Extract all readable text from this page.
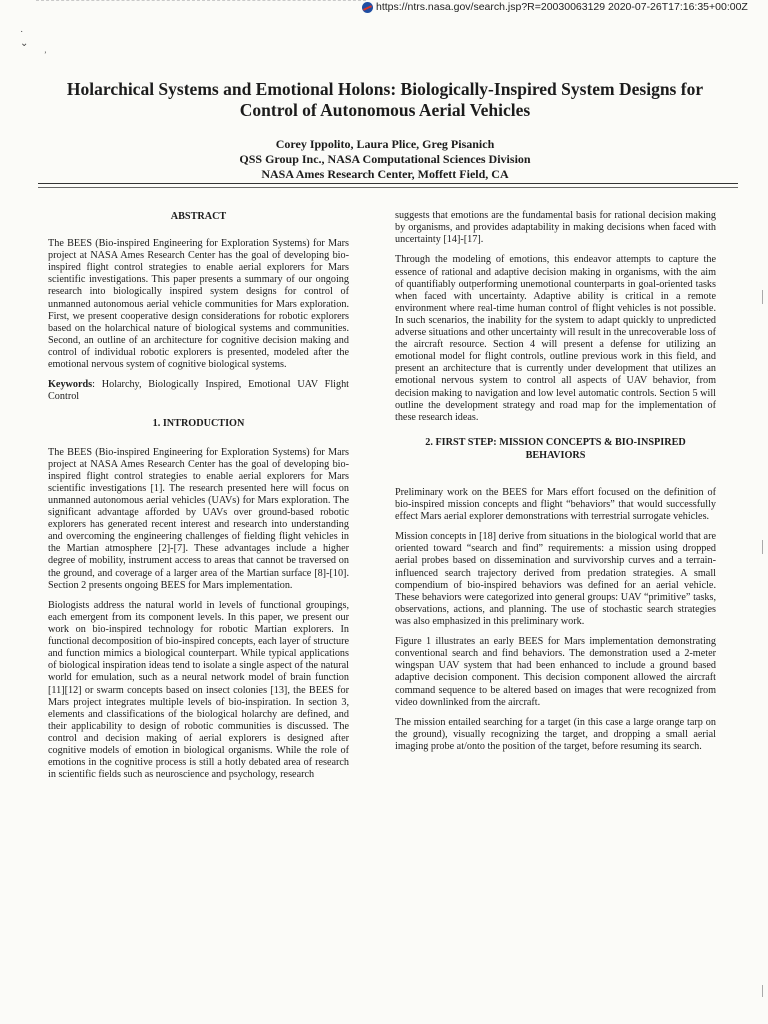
https://ntrs.nasa.gov/search.jsp?R=20030063129 2020-07-26T17:16:35+00:00Z
˙
⌄
’
Holarchical Systems and Emotional Holons: Biologically-Inspired System Designs for Control of Autonomous Aerial Vehicles
Corey Ippolito, Laura Plice, Greg Pisanich
QSS Group Inc., NASA Computational Sciences Division
NASA Ames Research Center, Moffett Field, CA
ABSTRACT

The BEES (Bio-inspired Engineering for Exploration Systems) for Mars project at NASA Ames Research Center has the goal of developing bio-inspired flight control strategies to enable aerial explorers for Mars scientific investigations. This paper presents a summary of our ongoing research into biologically inspired system designs for control of unmanned autonomous aerial vehicle communities for Mars exploration. First, we present cooperative design considerations for robotic explorers based on the holarchical nature of biological systems and communities. Second, an outline of an architecture for cognitive decision making and control of individual robotic explorers is presented, modeled after the emotional nervous system of cognitive biological systems.

Keywords: Holarchy, Biologically Inspired, Emotional UAV Flight Control

1. INTRODUCTION

The BEES (Bio-inspired Engineering for Exploration Systems) for Mars project at NASA Ames Research Center has the goal of developing bio-inspired flight control strategies to enable aerial explorers for Mars scientific investigations [1]. The research presented here will focus on unmanned autonomous aerial vehicles (UAVs) for Mars exploration. The significant advantage afforded by UAVs over ground-based robotic explorers has generated recent interest and research into understanding and overcoming the engineering challenges of fielding flight vehicles in the Martian atmosphere [2]-[7]. These advantages include a higher degree of mobility, instrument access to areas that cannot be traversed on the ground, and coverage of a larger area of the Martian surface [8]-[10]. Section 2 presents ongoing BEES for Mars implementation.

Biologists address the natural world in levels of functional groupings, each emergent from its component levels. In this paper, we present our work on bio-inspired technology for robotic Martian explorers. In functional decomposition of bio-inspired concepts, each layer of structure and function mimics a biological counterpart. While typical applications of biological inspiration ideas tend to isolate a single aspect of the natural world for emulation, such as a neural network model of brain function [11][12] or swarm concepts based on insect colonies [13], the BEES for Mars project integrates multiple levels of bio-inspiration. In section 3, elements and classifications of the biological holarchy are defined, and their applicability to design of robotic communities is discussed. The control and decision making of aerial explorers is designed after cognitive models of emotion in biological organisms. While the role of emotions in the cognitive process is still a hotly debated area of research in scientific fields such as neuroscience and psychology, research

suggests that emotions are the fundamental basis for rational decision making by organisms, and provides adaptability in making decisions when faced with uncertainty [14]-[17].

Through the modeling of emotions, this endeavor attempts to capture the essence of rational and adaptive decision making in organisms, with the aim of quantifiably outperforming unemotional counterparts in goal-oriented tasks when faced with uncertainty. Adaptive ability is critical in a remote environment where real-time human control of flight vehicles is not possible. In such scenarios, the inability for the system to adapt quickly to unpredicted adverse situations and other uncertainty will result in the unrecoverable loss of the aircraft resource. Section 4 will present a defense for utilizing an emotional model for flight controls, outline previous work in this field, and present an architecture that is currently under development that utilizes an emotional nervous system to control all aspects of UAV behavior, from decision making to navigation and low level automatic controls. Section 5 will outline the development strategy and road map for the implementation of these research ideas.

2. FIRST STEP: MISSION CONCEPTS & BIO-INSPIRED BEHAVIORS

Preliminary work on the BEES for Mars effort focused on the definition of bio-inspired mission concepts and flight “behaviors” that would successfully effect Mars aerial explorer demonstrations with terrestrial surrogate vehicles.

Mission concepts in [18] derive from situations in the biological world that are oriented toward “search and find” requirements: a mission using dropped aerial probes based on dissemination and survivorship curves and a terrain-influenced search trajectory derived from predation strategies. A small compendium of bio-inspired behaviors was defined for an aerial vehicle. These behaviors were categorized into general groups: UAV “primitive” tasks, observations, actions, and planning. The use of stochastic search strategies was also emphasized in this preliminary work.

Figure 1 illustrates an early BEES for Mars implementation demonstrating conventional search and find behaviors. The demonstration used a 2-meter wingspan UAV system that had been enhanced to include a ground based adaptive decision component. This decision component allowed the aircraft command sequence to be altered based on images that were recognized from video downlinked from the aircraft.

The mission entailed searching for a target (in this case a large orange tarp on the ground), visually recognizing the target, and dropping a small aerial imaging probe at/onto the position of the target, before resuming its search.
